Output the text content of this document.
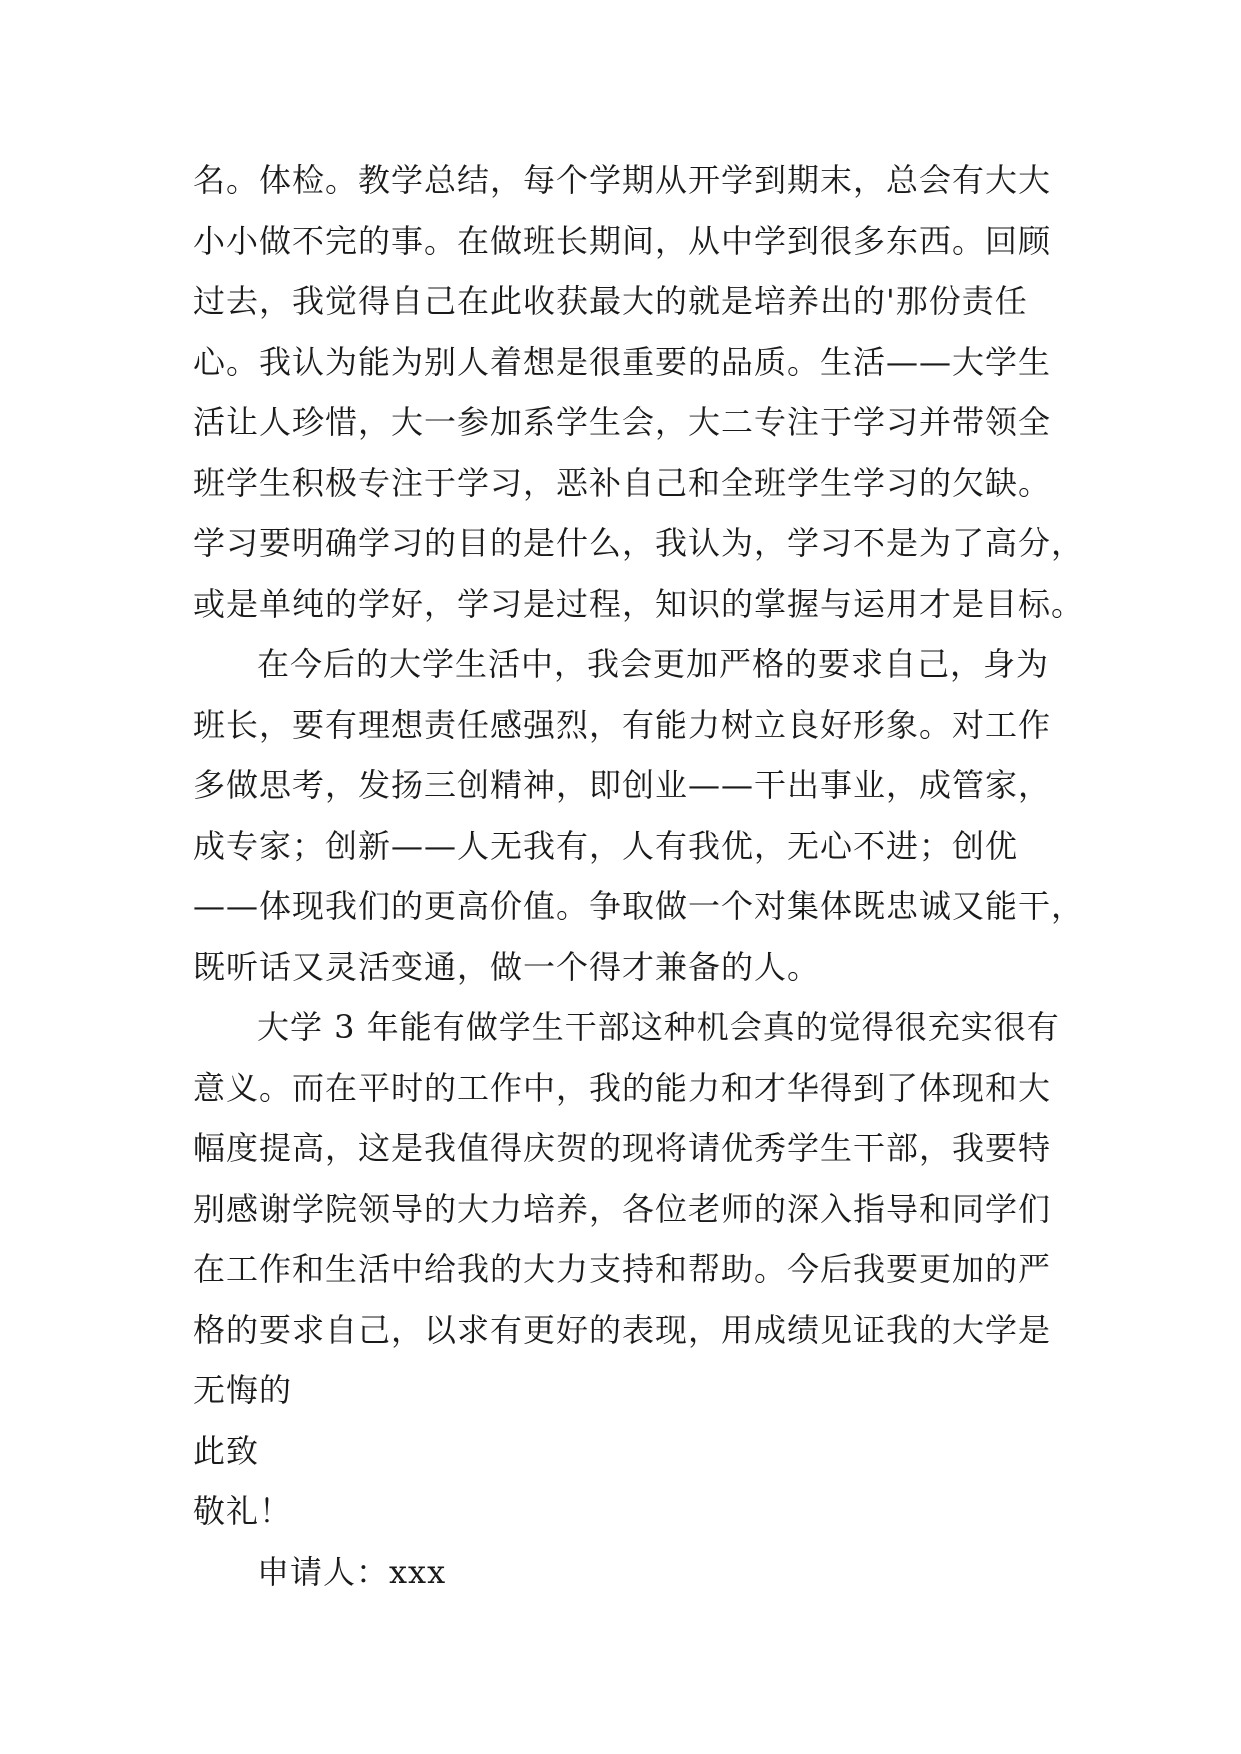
名。体检。教学总结，每个学期从开学到期末，总会有大大
小小做不完的事。在做班长期间，从中学到很多东西。回顾
过去，我觉得自己在此收获最大的就是培养出的'那份责任
心。我认为能为别人着想是很重要的品质。生活——大学生
活让人珍惜，大一参加系学生会，大二专注于学习并带领全
班学生积极专注于学习，恶补自己和全班学生学习的欠缺。
学习要明确学习的目的是什么，我认为，学习不是为了高分，
或是单纯的学好，学习是过程，知识的掌握与运用才是目标。
在今后的大学生活中，我会更加严格的要求自己，身为
班长，要有理想责任感强烈，有能力树立良好形象。对工作
多做思考，发扬三创精神，即创业——干出事业，成管家，
成专家；创新——人无我有，人有我优，无心不进；创优
——体现我们的更高价值。争取做一个对集体既忠诚又能干，
既听话又灵活变通，做一个得才兼备的人。
大学 3 年能有做学生干部这种机会真的觉得很充实很有
意义。而在平时的工作中，我的能力和才华得到了体现和大
幅度提高，这是我值得庆贺的现将请优秀学生干部，我要特
别感谢学院领导的大力培养，各位老师的深入指导和同学们
在工作和生活中给我的大力支持和帮助。今后我要更加的严
格的要求自己，以求有更好的表现，用成绩见证我的大学是
无悔的
此致
敬礼！
申请人：xxx
